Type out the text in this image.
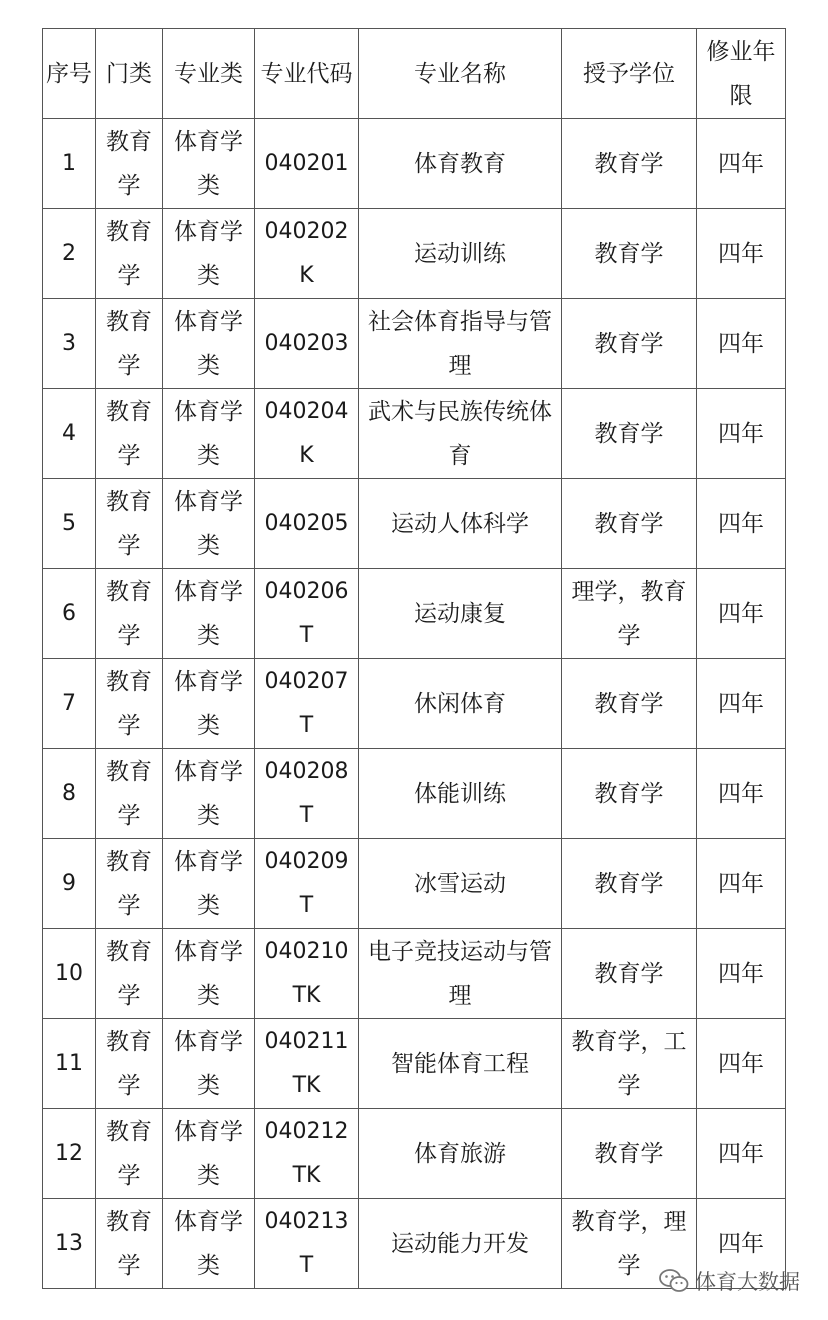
序号	门类	专业类	专业代码	专业名称	授予学位	修业年限
1	教育学	体育学类	040201	体育教育	教育学	四年
2	教育学	体育学类	040202K	运动训练	教育学	四年
3	教育学	体育学类	040203	社会体育指导与管理	教育学	四年
4	教育学	体育学类	040204K	武术与民族传统体育	教育学	四年
5	教育学	体育学类	040205	运动人体科学	教育学	四年
6	教育学	体育学类	040206T	运动康复	理学，教育学	四年
7	教育学	体育学类	040207T	休闲体育	教育学	四年
8	教育学	体育学类	040208T	体能训练	教育学	四年
9	教育学	体育学类	040209T	冰雪运动	教育学	四年
10	教育学	体育学类	040210TK	电子竞技运动与管理	教育学	四年
11	教育学	体育学类	040211TK	智能体育工程	教育学，工学	四年
12	教育学	体育学类	040212TK	体育旅游	教育学	四年
13	教育学	体育学类	040213T	运动能力开发	教育学，理学	四年
体育大数据
